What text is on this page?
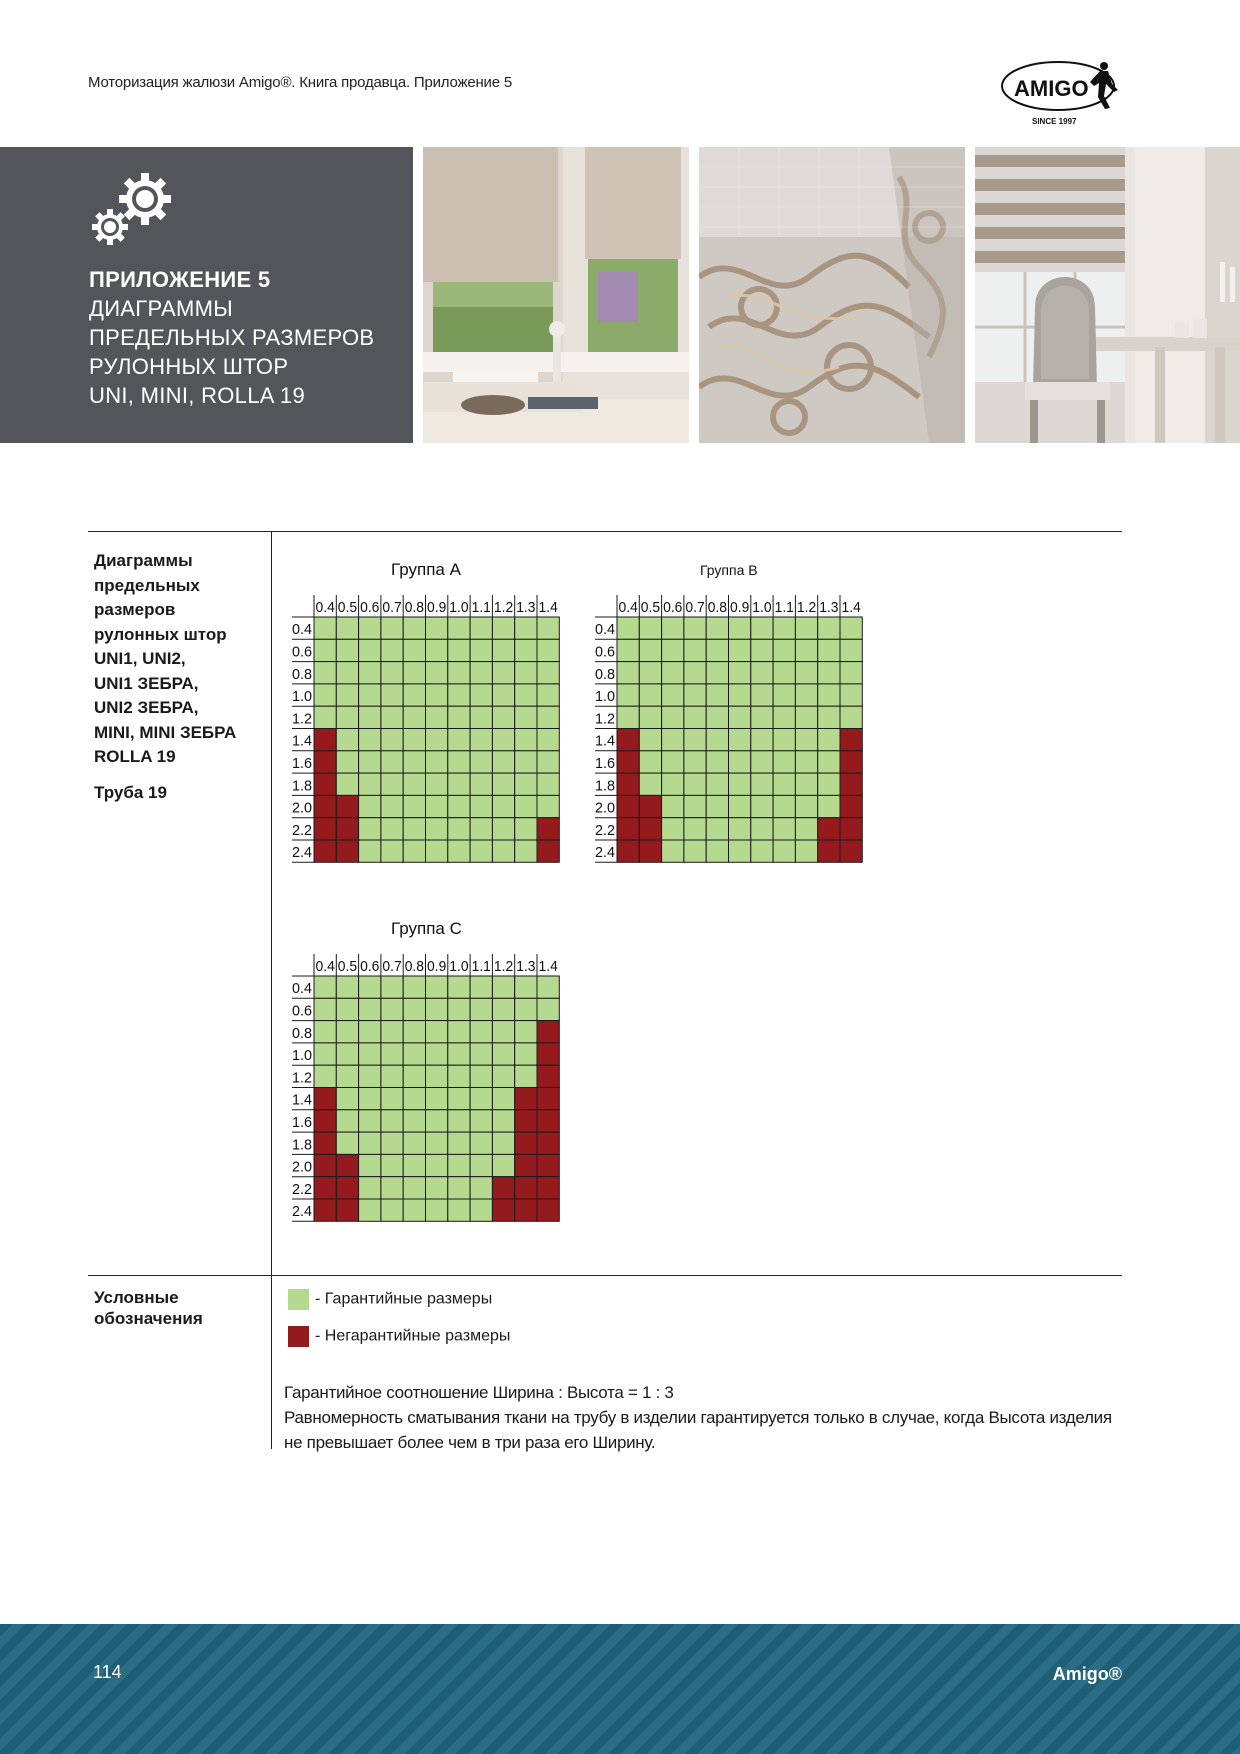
Моторизация жалюзи Amigo®. Книга продавца. Приложение 5	AMIGO
SINCE 1997
ПРИЛОЖЕНИЕ 5
ДИАГРАММЫ
ПРЕДЕЛЬНЫХ РАЗМЕРОВ
РУЛОННЫХ ШТОР
UNI, MINI, ROLLA 19
Диаграммы
предельных
размеров
рулонных штор
UNI1, UNI2,
UNI1 ЗЕБРА,
UNI2 ЗЕБРА,
MINI, MINI ЗЕБРА
ROLLA 19
Труба 19
Группа А
0.4 0.5 0.6 0.7 0.8 0.9 1.0 1.1 1.2 1.3 1.4
0.4
0.6
0.8
1.0
1.2
1.4
1.6
1.8
2.0
2.2
2.4
Группа В
0.4 0.5 0.6 0.7 0.8 0.9 1.0 1.1 1.2 1.3 1.4
0.4
0.6
0.8
1.0
1.2
1.4
1.6
1.8
2.0
2.2
2.4
Группа С
0.4 0.5 0.6 0.7 0.8 0.9 1.0 1.1 1.2 1.3 1.4
0.4
0.6
0.8
1.0
1.2
1.4
1.6
1.8
2.0
2.2
2.4
Условные
обозначения
- Гарантийные размеры
- Негарантийные размеры
Гарантийное соотношение Ширина : Высота = 1 : 3
Равномерность сматывания ткани на трубу в изделии гарантируется только в случае, когда Высота изделия
не превышает более чем в три раза его Ширину.
114	Amigo®
